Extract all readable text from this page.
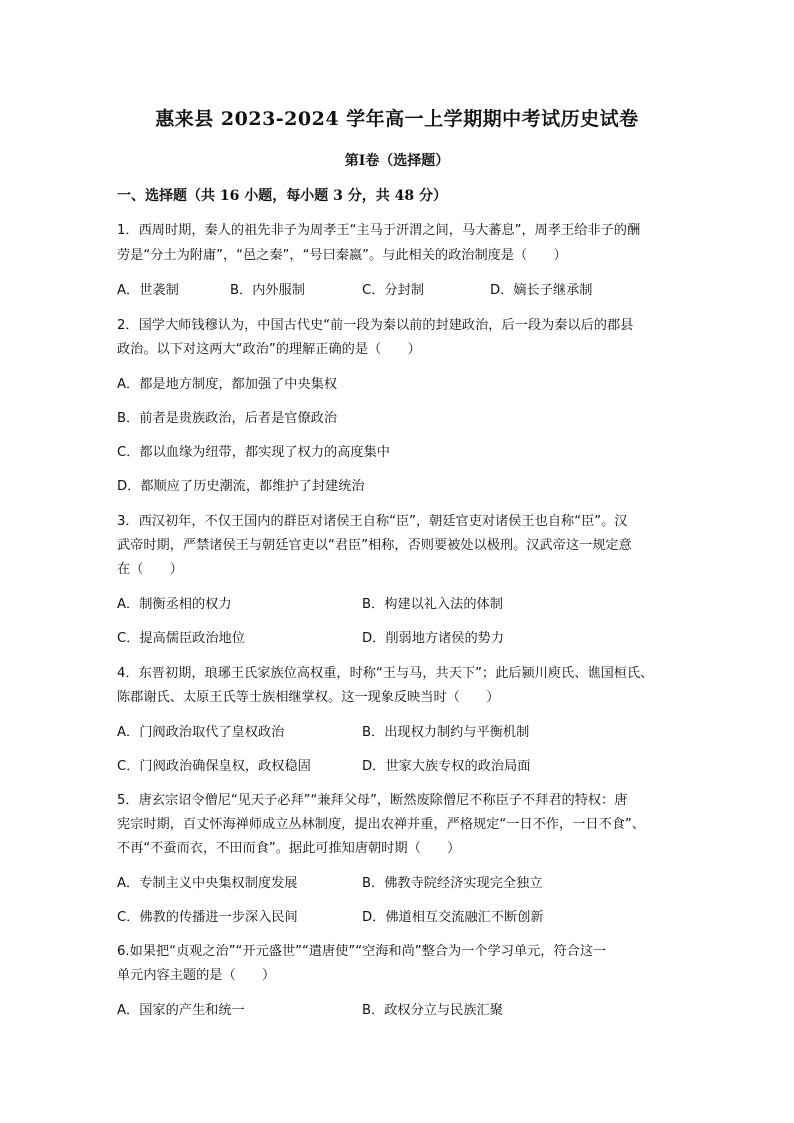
惠来县 2023-2024 学年高一上学期期中考试历史试卷
第Ⅰ卷（选择题）
一、选择题（共 16 小题，每小题 3 分，共 48 分）
1．西周时期，秦人的祖先非子为周孝王“主马于汧渭之间，马大蕃息”，周孝王给非子的酬
劳是“分土为附庸”，“邑之秦”，“号曰秦嬴”。与此相关的政治制度是（　　）
A．世袭制	B．内外服制	C．分封制	D．嫡长子继承制
2．国学大师钱穆认为，中国古代史“前一段为秦以前的封建政治，后一段为秦以后的郡县
政治。以下对这两大“政治”的理解正确的是（　　）
A．都是地方制度，都加强了中央集权
B．前者是贵族政治，后者是官僚政治
C．都以血缘为纽带，都实现了权力的高度集中
D．都顺应了历史潮流，都维护了封建统治
3．西汉初年，不仅王国内的群臣对诸侯王自称“臣”，朝廷官吏对诸侯王也自称“臣”。汉
武帝时期，严禁诸侯王与朝廷官吏以“君臣”相称，否则要被处以极刑。汉武帝这一规定意
在（　　）
A．制衡丞相的权力	B．构建以礼入法的体制
C．提高儒臣政治地位	D．削弱地方诸侯的势力
4．东晋初期，琅琊王氏家族位高权重，时称“王与马，共天下”；此后颍川庾氏、谯国桓氏、
陈郡谢氏、太原王氏等士族相继掌权。这一现象反映当时（　　）
A．门阀政治取代了皇权政治	B．出现权力制约与平衡机制
C．门阀政治确保皇权，政权稳固	D．世家大族专权的政治局面
5．唐玄宗诏令僧尼“见天子必拜”“兼拜父母”，断然废除僧尼不称臣子不拜君的特权：唐
宪宗时期，百丈怀海禅师成立丛林制度，提出农禅并重，严格规定“一日不作，一日不食”、
不再“不蚕而衣，不田而食”。据此可推知唐朝时期（　　）
A．专制主义中央集权制度发展	B．佛教寺院经济实现完全独立
C．佛教的传播进一步深入民间	D．佛道相互交流融汇不断创新
6.如果把“贞观之治”“开元盛世”“遣唐使”“空海和尚”整合为一个学习单元，符合这一
单元内容主题的是（　　）
A．国家的产生和统一	B．政权分立与民族汇聚
